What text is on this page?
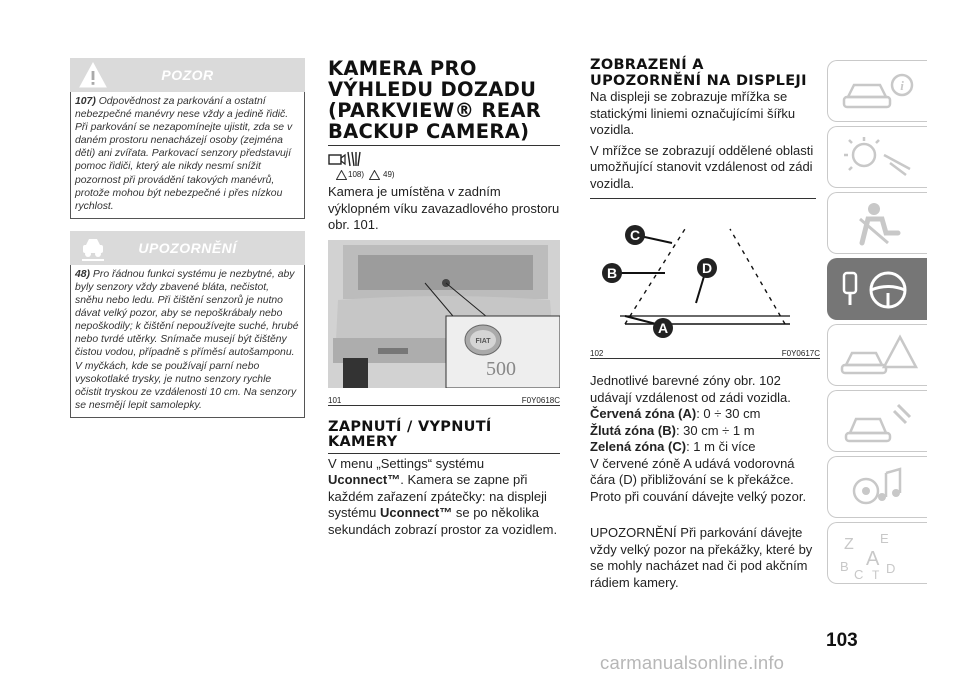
POZOR
107) Odpovědnost za parkování a ostatní nebezpečné manévry nese vždy a jedině řidič. Při parkování se nezapomínejte ujistit, zda se v daném prostoru nenacházejí osoby (zejména děti) ani zvířata. Parkovací senzory představují pomoc řidiči, který ale nikdy nesmí snížit pozornost při provádění takových manévrů, protože mohou být nebezpečné i přes nízkou rychlost.
UPOZORNĚNÍ
48) Pro řádnou funkci systému je nezbytné, aby byly senzory vždy zbavené bláta, nečistot, sněhu nebo ledu. Při čištění senzorů je nutno dávat velký pozor, aby se nepoškrábaly nebo nepoškodily; k čištění nepoužívejte suché, hrubé nebo tvrdé utěrky. Snímače musejí být čištěny čistou vodou, případně s příměsí autošamponu. V myčkách, kde se používají parní nebo vysokotlaké trysky, je nutno senzory rychle očistit tryskou ze vzdálenosti 10 cm. Na senzory se nesmějí lepit samolepky.
KAMERA PRO VÝHLEDU DOZADU (PARKVIEW® REAR BACKUP CAMERA)
108) 49)
Kamera je umístěna v zadním výklopném víku zavazadlového prostoru obr. 101.
FIAT
500
101	F0Y0618C
ZAPNUTÍ / VYPNUTÍ KAMERY
V menu „Settings“ systému Uconnect™. Kamera se zapne při každém zařazení zpátečky: na displeji systému Uconnect™ se po několika sekundách zobrazí prostor za vozidlem.
ZOBRAZENÍ A UPOZORNĚNÍ NA DISPLEJI
Na displeji se zobrazuje mřížka se statickými liniemi označujícími šířku vozidla.
V mřížce se zobrazují oddělené oblasti umožňující stanovit vzdálenost od zádi vozidla.
C
B	D
A
102	F0Y0617C
Jednotlivé barevné zóny obr. 102 udávají vzdálenost od zádi vozidla.
Červená zóna (A): 0 ÷ 30 cm
Žlutá zóna (B): 30 cm ÷ 1 m
Zelená zóna (C): 1 m či více
V červené zóně A udává vodorovná čára (D) přibližování se k překážce. Proto při couvání dávejte velký pozor.
UPOZORNĚNÍ Při parkování dávejte vždy velký pozor na překážky, které by se mohly nacházet nad či pod akčním rádiem kamery.
i
Z E
B A
C T D
103
carmanualsonline.info
